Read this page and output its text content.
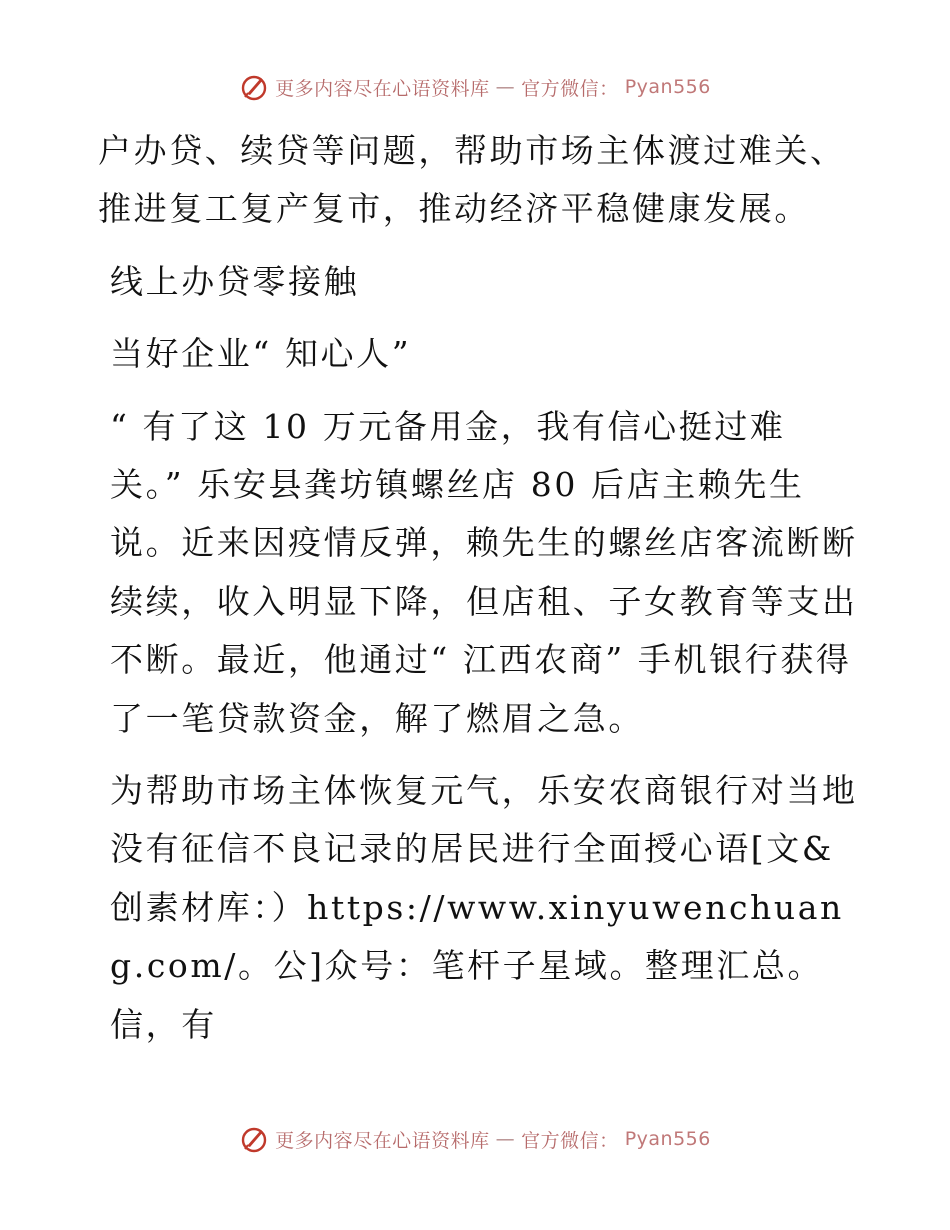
更多内容尽在心语资料库 — 官方微信： Pyan556

户办贷、续贷等问题，帮助市场主体渡过难关、推进复工复产复市，推动经济平稳健康发展。

线上办贷零接触

当好企业“ 知心人”

“ 有了这 10 万元备用金，我有信心挺过难关。” 乐安县龚坊镇螺丝店 80 后店主赖先生说。近来因疫情反弹，赖先生的螺丝店客流断断续续，收入明显下降，但店租、子女教育等支出不断。最近，他通过“ 江西农商” 手机银行获得了一笔贷款资金，解了燃眉之急。

为帮助市场主体恢复元气，乐安农商银行对当地没有征信不良记录的居民进行全面授心语[文&创素材库：）https://www.xinyuwenchuang.com/。公]众号：笔杆子星域。整理汇总。信，有

更多内容尽在心语资料库 — 官方微信： Pyan556
